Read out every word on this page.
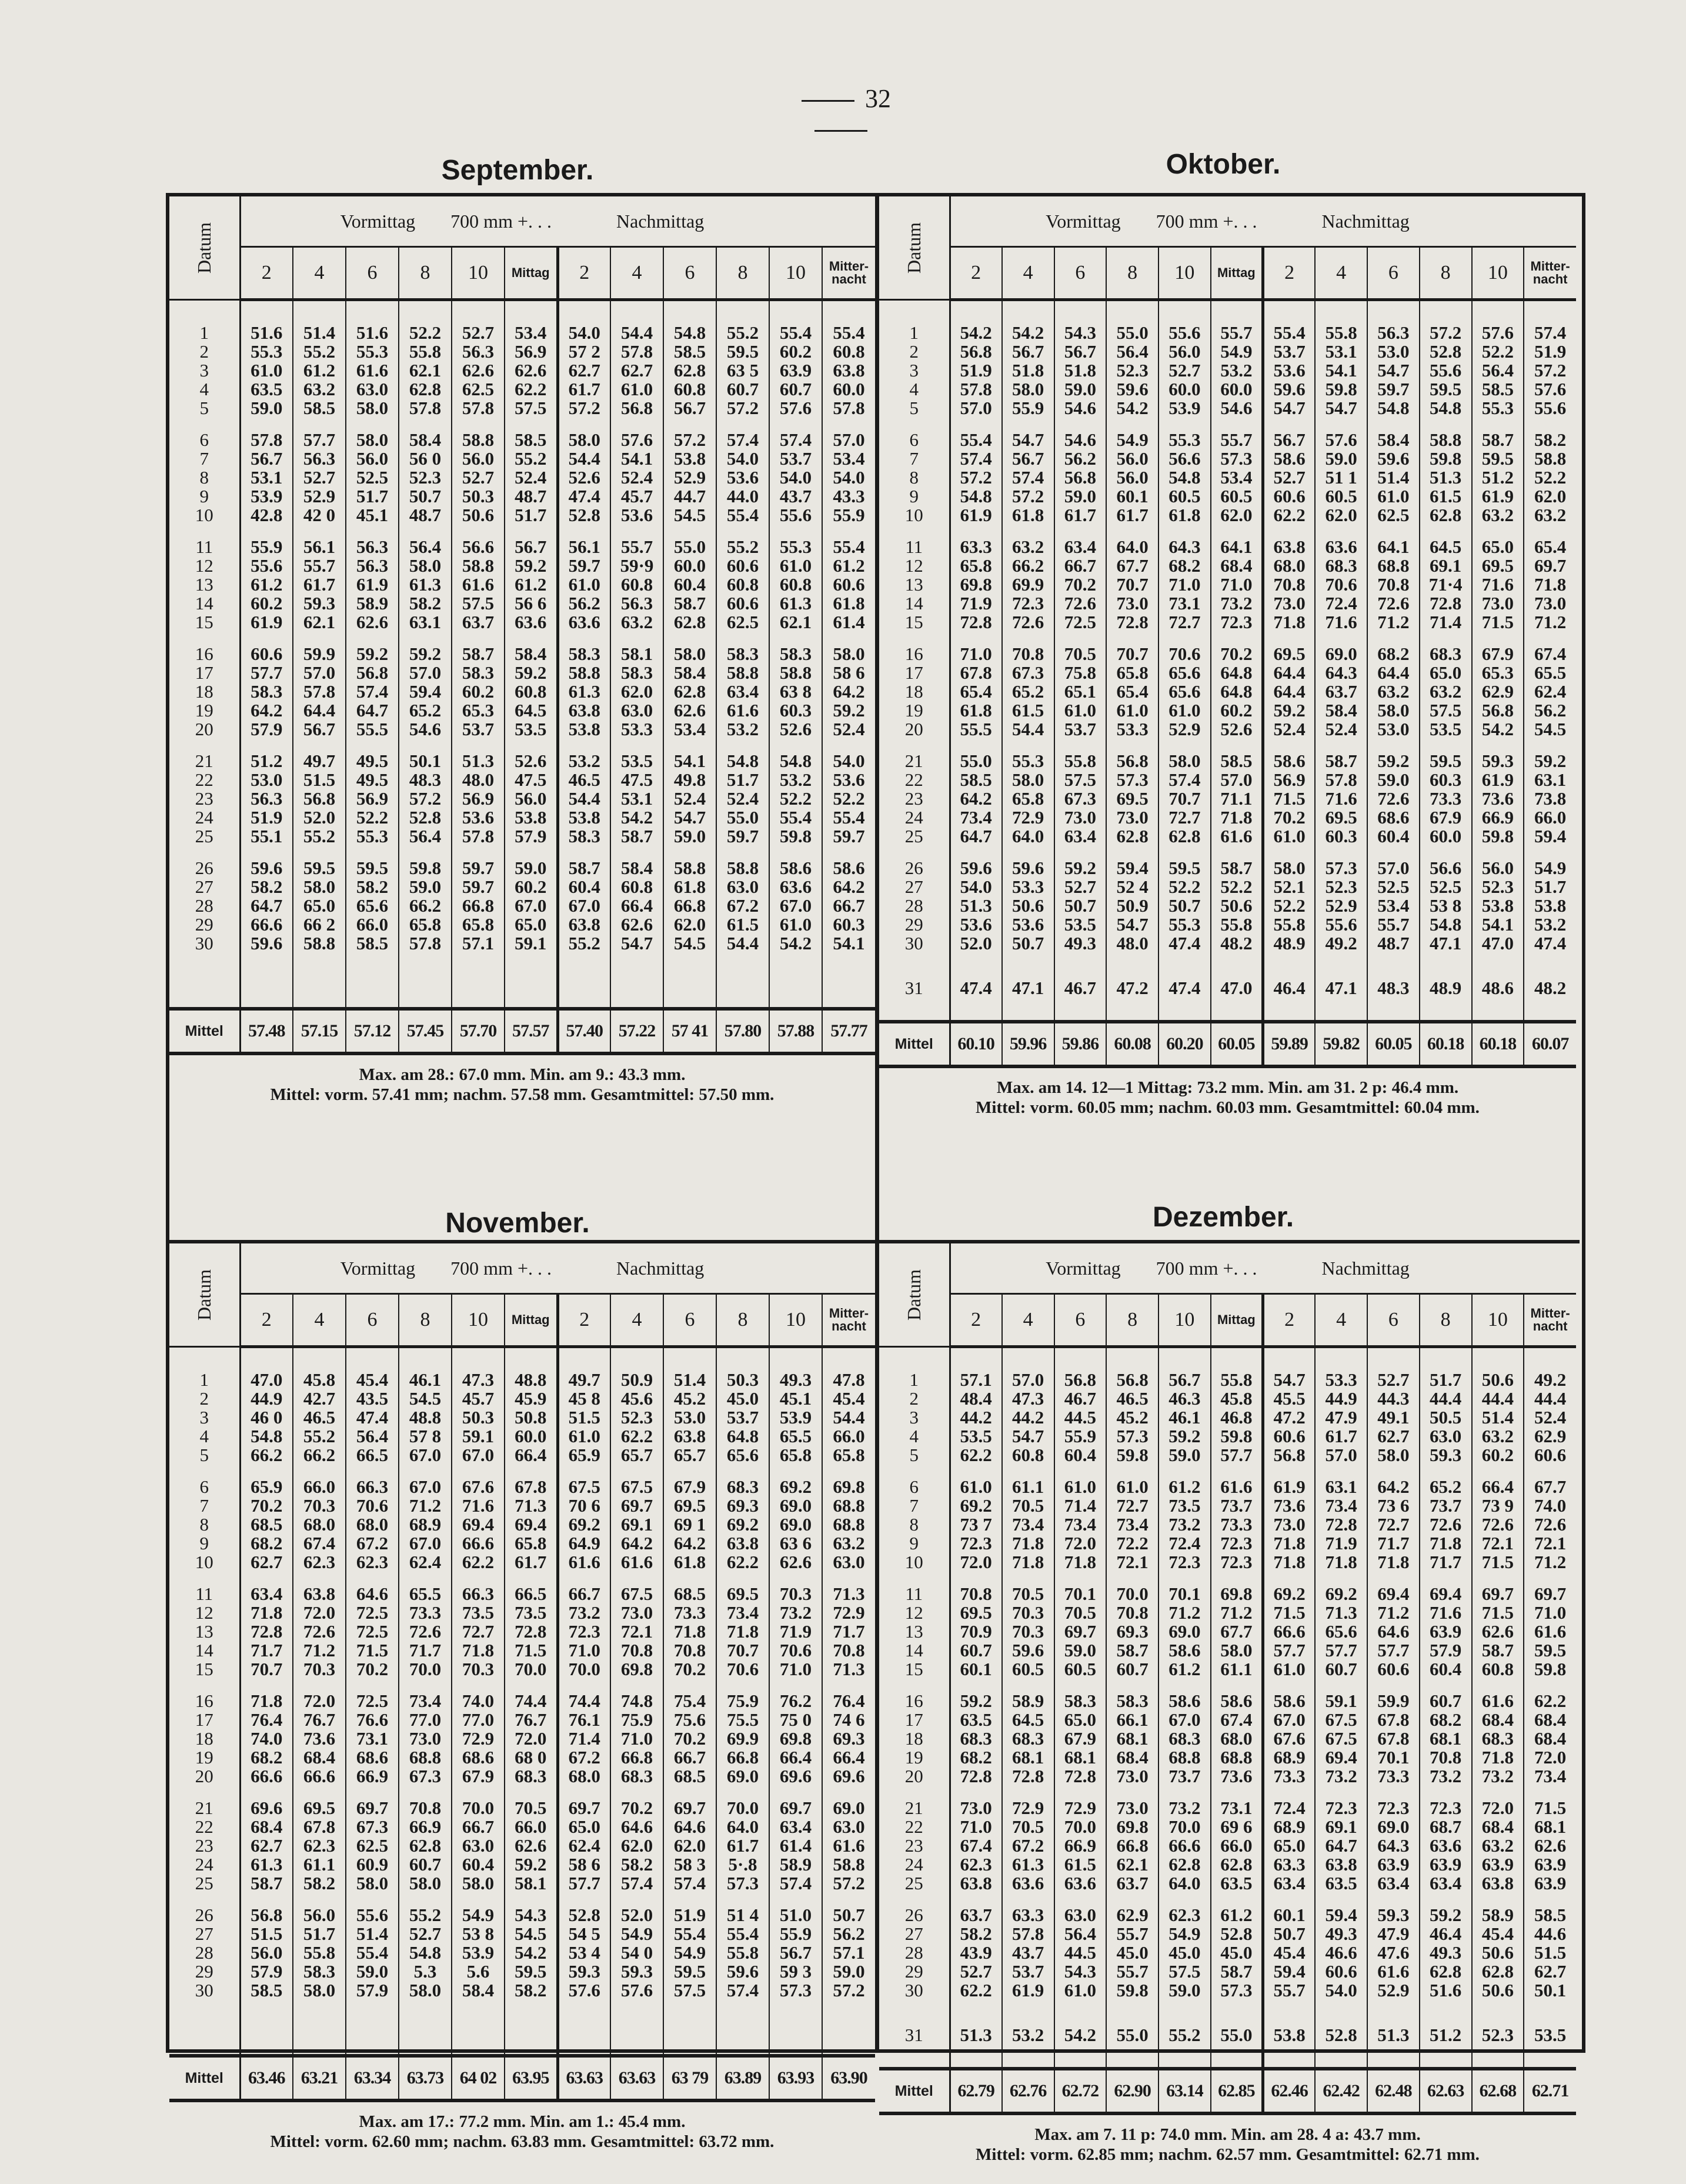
32
September.	Oktober.
November.	Dezember.
Datum	Vormittag 700 mm +. . .						Nachmittag					
	2	4	6	8	10	Mittag	2	4	6	8	10	Mitter-nacht

1	51.6	51.4	51.6	52.2	52.7	53.4	54.0	54.4	54.8	55.2	55.4	55.4
2	55.3	55.2	55.3	55.8	56.3	56.9	57 2	57.8	58.5	59.5	60.2	60.8
3	61.0	61.2	61.6	62.1	62.6	62.6	62.7	62.7	62.8	63 5	63.9	63.8
4	63.5	63.2	63.0	62.8	62.5	62.2	61.7	61.0	60.8	60.7	60.7	60.0
5	59.0	58.5	58.0	57.8	57.8	57.5	57.2	56.8	56.7	57.2	57.6	57.8

6	57.8	57.7	58.0	58.4	58.8	58.5	58.0	57.6	57.2	57.4	57.4	57.0
7	56.7	56.3	56.0	56 0	56.0	55.2	54.4	54.1	53.8	54.0	53.7	53.4
8	53.1	52.7	52.5	52.3	52.7	52.4	52.6	52.4	52.9	53.6	54.0	54.0
9	53.9	52.9	51.7	50.7	50.3	48.7	47.4	45.7	44.7	44.0	43.7	43.3
10	42.8	42 0	45.1	48.7	50.6	51.7	52.8	53.6	54.5	55.4	55.6	55.9

11	55.9	56.1	56.3	56.4	56.6	56.7	56.1	55.7	55.0	55.2	55.3	55.4
12	55.6	55.7	56.3	58.0	58.8	59.2	59.7	59·9	60.0	60.6	61.0	61.2
13	61.2	61.7	61.9	61.3	61.6	61.2	61.0	60.8	60.4	60.8	60.8	60.6
14	60.2	59.3	58.9	58.2	57.5	56 6	56.2	56.3	58.7	60.6	61.3	61.8
15	61.9	62.1	62.6	63.1	63.7	63.6	63.6	63.2	62.8	62.5	62.1	61.4

16	60.6	59.9	59.2	59.2	58.7	58.4	58.3	58.1	58.0	58.3	58.3	58.0
17	57.7	57.0	56.8	57.0	58.3	59.2	58.8	58.3	58.4	58.8	58.8	58 6
18	58.3	57.8	57.4	59.4	60.2	60.8	61.3	62.0	62.8	63.4	63 8	64.2
19	64.2	64.4	64.7	65.2	65.3	64.5	63.8	63.0	62.6	61.6	60.3	59.2
20	57.9	56.7	55.5	54.6	53.7	53.5	53.8	53.3	53.4	53.2	52.6	52.4

21	51.2	49.7	49.5	50.1	51.3	52.6	53.2	53.5	54.1	54.8	54.8	54.0
22	53.0	51.5	49.5	48.3	48.0	47.5	46.5	47.5	49.8	51.7	53.2	53.6
23	56.3	56.8	56.9	57.2	56.9	56.0	54.4	53.1	52.4	52.4	52.2	52.2
24	51.9	52.0	52.2	52.8	53.6	53.8	53.8	54.2	54.7	55.0	55.4	55.4
25	55.1	55.2	55.3	56.4	57.8	57.9	58.3	58.7	59.0	59.7	59.8	59.7

26	59.6	59.5	59.5	59.8	59.7	59.0	58.7	58.4	58.8	58.8	58.6	58.6
27	58.2	58.0	58.2	59.0	59.7	60.2	60.4	60.8	61.8	63.0	63.6	64.2
28	64.7	65.0	65.6	66.2	66.8	67.0	67.0	66.4	66.8	67.2	67.0	66.7
29	66.6	66 2	66.0	65.8	65.8	65.0	63.8	62.6	62.0	61.5	61.0	60.3
30	59.6	58.8	58.5	57.8	57.1	59.1	55.2	54.7	54.5	54.4	54.2	54.1

Mittel	57.48	57.15	57.12	57.45	57.70	57.57	57.40	57.22	57 41	57.80	57.88	57.77
Max. am 28.: 67.0 mm. Min. am 9.: 43.3 mm.
Mittel: vorm. 57.41 mm; nachm. 57.58 mm. Gesamtmittel: 57.50 mm.
Datum	Vormittag 700 mm +. . .						Nachmittag					
	2	4	6	8	10	Mittag	2	4	6	8	10	Mitter-nacht

1	54.2	54.2	54.3	55.0	55.6	55.7	55.4	55.8	56.3	57.2	57.6	57.4
2	56.8	56.7	56.7	56.4	56.0	54.9	53.7	53.1	53.0	52.8	52.2	51.9
3	51.9	51.8	51.8	52.3	52.7	53.2	53.6	54.1	54.7	55.6	56.4	57.2
4	57.8	58.0	59.0	59.6	60.0	60.0	59.6	59.8	59.7	59.5	58.5	57.6
5	57.0	55.9	54.6	54.2	53.9	54.6	54.7	54.7	54.8	54.8	55.3	55.6

6	55.4	54.7	54.6	54.9	55.3	55.7	56.7	57.6	58.4	58.8	58.7	58.2
7	57.4	56.7	56.2	56.0	56.6	57.3	58.6	59.0	59.6	59.8	59.5	58.8
8	57.2	57.4	56.8	56.0	54.8	53.4	52.7	51 1	51.4	51.3	51.2	52.2
9	54.8	57.2	59.0	60.1	60.5	60.5	60.6	60.5	61.0	61.5	61.9	62.0
10	61.9	61.8	61.7	61.7	61.8	62.0	62.2	62.0	62.5	62.8	63.2	63.2

11	63.3	63.2	63.4	64.0	64.3	64.1	63.8	63.6	64.1	64.5	65.0	65.4
12	65.8	66.2	66.7	67.7	68.2	68.4	68.0	68.3	68.8	69.1	69.5	69.7
13	69.8	69.9	70.2	70.7	71.0	71.0	70.8	70.6	70.8	71·4	71.6	71.8
14	71.9	72.3	72.6	73.0	73.1	73.2	73.0	72.4	72.6	72.8	73.0	73.0
15	72.8	72.6	72.5	72.8	72.7	72.3	71.8	71.6	71.2	71.4	71.5	71.2

16	71.0	70.8	70.5	70.7	70.6	70.2	69.5	69.0	68.2	68.3	67.9	67.4
17	67.8	67.3	75.8	65.8	65.6	64.8	64.4	64.3	64.4	65.0	65.3	65.5
18	65.4	65.2	65.1	65.4	65.6	64.8	64.4	63.7	63.2	63.2	62.9	62.4
19	61.8	61.5	61.0	61.0	61.0	60.2	59.2	58.4	58.0	57.5	56.8	56.2
20	55.5	54.4	53.7	53.3	52.9	52.6	52.4	52.4	53.0	53.5	54.2	54.5

21	55.0	55.3	55.8	56.8	58.0	58.5	58.6	58.7	59.2	59.5	59.3	59.2
22	58.5	58.0	57.5	57.3	57.4	57.0	56.9	57.8	59.0	60.3	61.9	63.1
23	64.2	65.8	67.3	69.5	70.7	71.1	71.5	71.6	72.6	73.3	73.6	73.8
24	73.4	72.9	73.0	73.0	72.7	71.8	70.2	69.5	68.6	67.9	66.9	66.0
25	64.7	64.0	63.4	62.8	62.8	61.6	61.0	60.3	60.4	60.0	59.8	59.4

26	59.6	59.6	59.2	59.4	59.5	58.7	58.0	57.3	57.0	56.6	56.0	54.9
27	54.0	53.3	52.7	52 4	52.2	52.2	52.1	52.3	52.5	52.5	52.3	51.7
28	51.3	50.6	50.7	50.9	50.7	50.6	52.2	52.9	53.4	53 8	53.8	53.8
29	53.6	53.6	53.5	54.7	55.3	55.8	55.8	55.6	55.7	54.8	54.1	53.2
30	52.0	50.7	49.3	48.0	47.4	48.2	48.9	49.2	48.7	47.1	47.0	47.4

31	47.4	47.1	46.7	47.2	47.4	47.0	46.4	47.1	48.3	48.9	48.6	48.2

Mittel	60.10	59.96	59.86	60.08	60.20	60.05	59.89	59.82	60.05	60.18	60.18	60.07
Max. am 14. 12—1 Mittag: 73.2 mm. Min. am 31. 2 p: 46.4 mm.
Mittel: vorm. 60.05 mm; nachm. 60.03 mm. Gesamtmittel: 60.04 mm.
Datum	Vormittag 700 mm +. . .						Nachmittag					
	2	4	6	8	10	Mittag	2	4	6	8	10	Mitter-nacht

1	47.0	45.8	45.4	46.1	47.3	48.8	49.7	50.9	51.4	50.3	49.3	47.8
2	44.9	42.7	43.5	54.5	45.7	45.9	45 8	45.6	45.2	45.0	45.1	45.4
3	46 0	46.5	47.4	48.8	50.3	50.8	51.5	52.3	53.0	53.7	53.9	54.4
4	54.8	55.2	56.4	57 8	59.1	60.0	61.0	62.2	63.8	64.8	65.5	66.0
5	66.2	66.2	66.5	67.0	67.0	66.4	65.9	65.7	65.7	65.6	65.8	65.8

6	65.9	66.0	66.3	67.0	67.6	67.8	67.5	67.5	67.9	68.3	69.2	69.8
7	70.2	70.3	70.6	71.2	71.6	71.3	70 6	69.7	69.5	69.3	69.0	68.8
8	68.5	68.0	68.0	68.9	69.4	69.4	69.2	69.1	69 1	69.2	69.0	68.8
9	68.2	67.4	67.2	67.0	66.6	65.8	64.9	64.2	64.2	63.8	63 6	63.2
10	62.7	62.3	62.3	62.4	62.2	61.7	61.6	61.6	61.8	62.2	62.6	63.0

11	63.4	63.8	64.6	65.5	66.3	66.5	66.7	67.5	68.5	69.5	70.3	71.3
12	71.8	72.0	72.5	73.3	73.5	73.5	73.2	73.0	73.3	73.4	73.2	72.9
13	72.8	72.6	72.5	72.6	72.7	72.8	72.3	72.1	71.8	71.8	71.9	71.7
14	71.7	71.2	71.5	71.7	71.8	71.5	71.0	70.8	70.8	70.7	70.6	70.8
15	70.7	70.3	70.2	70.0	70.3	70.0	70.0	69.8	70.2	70.6	71.0	71.3

16	71.8	72.0	72.5	73.4	74.0	74.4	74.4	74.8	75.4	75.9	76.2	76.4
17	76.4	76.7	76.6	77.0	77.0	76.7	76.1	75.9	75.6	75.5	75 0	74 6
18	74.0	73.6	73.1	73.0	72.9	72.0	71.4	71.0	70.2	69.9	69.8	69.3
19	68.2	68.4	68.6	68.8	68.6	68 0	67.2	66.8	66.7	66.8	66.4	66.4
20	66.6	66.6	66.9	67.3	67.9	68.3	68.0	68.3	68.5	69.0	69.6	69.6

21	69.6	69.5	69.7	70.8	70.0	70.5	69.7	70.2	69.7	70.0	69.7	69.0
22	68.4	67.8	67.3	66.9	66.7	66.0	65.0	64.6	64.6	64.0	63.4	63.0
23	62.7	62.3	62.5	62.8	63.0	62.6	62.4	62.0	62.0	61.7	61.4	61.6
24	61.3	61.1	60.9	60.7	60.4	59.2	58 6	58.2	58 3	5·.8	58.9	58.8
25	58.7	58.2	58.0	58.0	58.0	58.1	57.7	57.4	57.4	57.3	57.4	57.2

26	56.8	56.0	55.6	55.2	54.9	54.3	52.8	52.0	51.9	51 4	51.0	50.7
27	51.5	51.7	51.4	52.7	53 8	54.5	54 5	54.9	55.4	55.4	55.9	56.2
28	56.0	55.8	55.4	54.8	53.9	54.2	53 4	54 0	54.9	55.8	56.7	57.1
29	57.9	58.3	59.0	5.3	5.6	59.5	59.3	59.3	59.5	59.6	59 3	59.0
30	58.5	58.0	57.9	58.0	58.4	58.2	57.6	57.6	57.5	57.4	57.3	57.2

Mittel	63.46	63.21	63.34	63.73	64 02	63.95	63.63	63.63	63 79	63.89	63.93	63.90
Max. am 17.: 77.2 mm. Min. am 1.: 45.4 mm.
Mittel: vorm. 62.60 mm; nachm. 63.83 mm. Gesamtmittel: 63.72 mm.
Datum	Vormittag 700 mm +. . .						Nachmittag					
	2	4	6	8	10	Mittag	2	4	6	8	10	Mitter-nacht

1	57.1	57.0	56.8	56.8	56.7	55.8	54.7	53.3	52.7	51.7	50.6	49.2
2	48.4	47.3	46.7	46.5	46.3	45.8	45.5	44.9	44.3	44.4	44.4	44.4
3	44.2	44.2	44.5	45.2	46.1	46.8	47.2	47.9	49.1	50.5	51.4	52.4
4	53.5	54.7	55.9	57.3	59.2	59.8	60.6	61.7	62.7	63.0	63.2	62.9
5	62.2	60.8	60.4	59.8	59.0	57.7	56.8	57.0	58.0	59.3	60.2	60.6

6	61.0	61.1	61.0	61.0	61.2	61.6	61.9	63.1	64.2	65.2	66.4	67.7
7	69.2	70.5	71.4	72.7	73.5	73.7	73.6	73.4	73 6	73.7	73 9	74.0
8	73 7	73.4	73.4	73.4	73.2	73.3	73.0	72.8	72.7	72.6	72.6	72.6
9	72.3	71.8	72.0	72.2	72.4	72.3	71.8	71.9	71.7	71.8	72.1	72.1
10	72.0	71.8	71.8	72.1	72.3	72.3	71.8	71.8	71.8	71.7	71.5	71.2

11	70.8	70.5	70.1	70.0	70.1	69.8	69.2	69.2	69.4	69.4	69.7	69.7
12	69.5	70.3	70.5	70.8	71.2	71.2	71.5	71.3	71.2	71.6	71.5	71.0
13	70.9	70.3	69.7	69.3	69.0	67.7	66.6	65.6	64.6	63.9	62.6	61.6
14	60.7	59.6	59.0	58.7	58.6	58.0	57.7	57.7	57.7	57.9	58.7	59.5
15	60.1	60.5	60.5	60.7	61.2	61.1	61.0	60.7	60.6	60.4	60.8	59.8

16	59.2	58.9	58.3	58.3	58.6	58.6	58.6	59.1	59.9	60.7	61.6	62.2
17	63.5	64.5	65.0	66.1	67.0	67.4	67.0	67.5	67.8	68.2	68.4	68.4
18	68.3	68.3	67.9	68.1	68.3	68.0	67.6	67.5	67.8	68.1	68.3	68.4
19	68.2	68.1	68.1	68.4	68.8	68.8	68.9	69.4	70.1	70.8	71.8	72.0
20	72.8	72.8	72.8	73.0	73.7	73.6	73.3	73.2	73.3	73.2	73.2	73.4

21	73.0	72.9	72.9	73.0	73.2	73.1	72.4	72.3	72.3	72.3	72.0	71.5
22	71.0	70.5	70.0	69.8	70.0	69 6	68.9	69.1	69.0	68.7	68.4	68.1
23	67.4	67.2	66.9	66.8	66.6	66.0	65.0	64.7	64.3	63.6	63.2	62.6
24	62.3	61.3	61.5	62.1	62.8	62.8	63.3	63.8	63.9	63.9	63.9	63.9
25	63.8	63.6	63.6	63.7	64.0	63.5	63.4	63.5	63.4	63.4	63.8	63.9

26	63.7	63.3	63.0	62.9	62.3	61.2	60.1	59.4	59.3	59.2	58.9	58.5
27	58.2	57.8	56.4	55.7	54.9	52.8	50.7	49.3	47.9	46.4	45.4	44.6
28	43.9	43.7	44.5	45.0	45.0	45.0	45.4	46.6	47.6	49.3	50.6	51.5
29	52.7	53.7	54.3	55.7	57.5	58.7	59.4	60.6	61.6	62.8	62.8	62.7
30	62.2	61.9	61.0	59.8	59.0	57.3	55.7	54.0	52.9	51.6	50.6	50.1

31	51.3	53.2	54.2	55.0	55.2	55.0	53.8	52.8	51.3	51.2	52.3	53.5

Mittel	62.79	62.76	62.72	62.90	63.14	62.85	62.46	62.42	62.48	62.63	62.68	62.71
Max. am 7. 11 p: 74.0 mm. Min. am 28. 4 a: 43.7 mm.
Mittel: vorm. 62.85 mm; nachm. 62.57 mm. Gesamtmittel: 62.71 mm.
